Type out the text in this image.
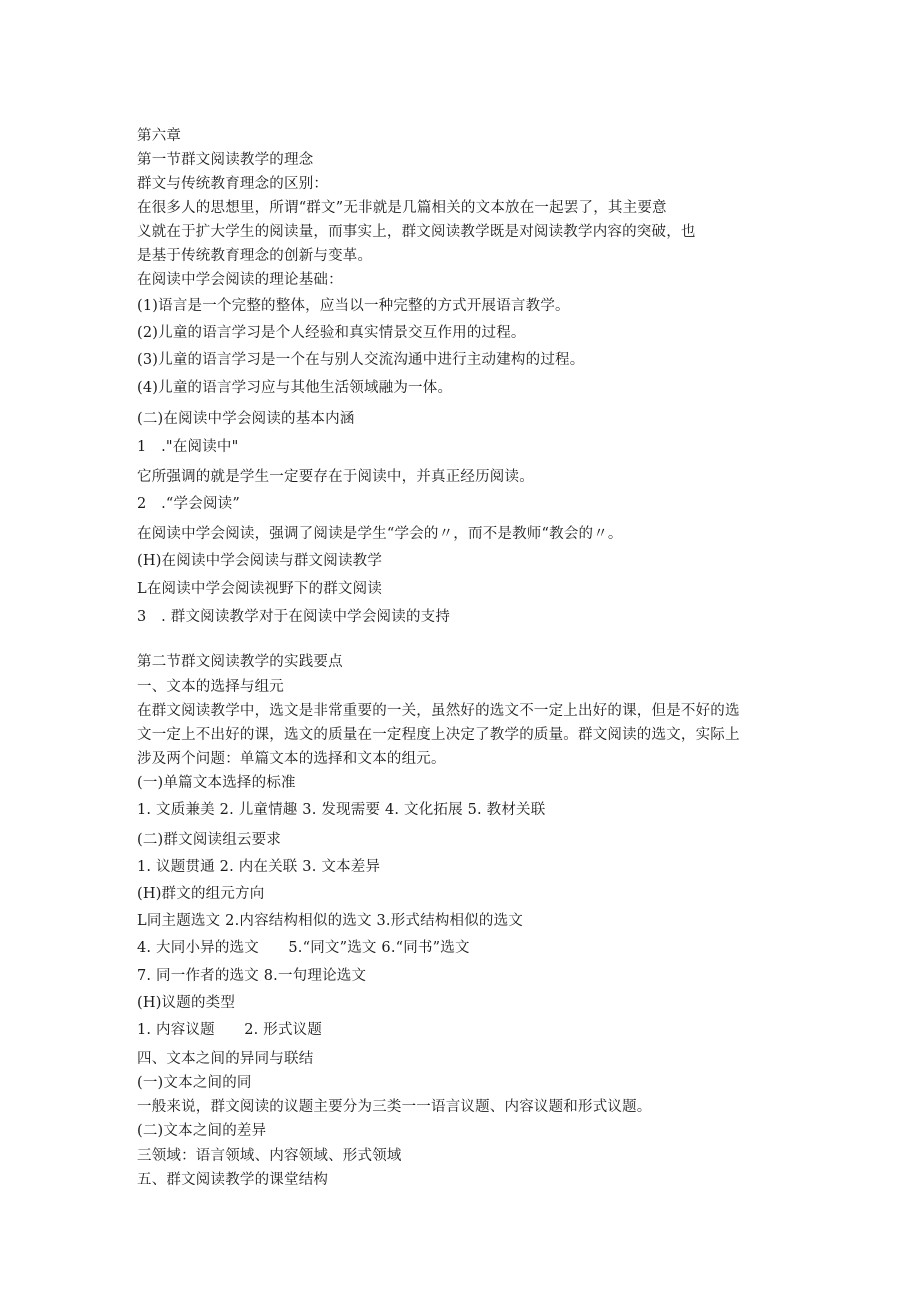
第六章
第一节群文阅读教学的理念
群文与传统教育理念的区别：
在很多人的思想里，所谓“群文”无非就是几篇相关的文本放在一起罢了，其主要意
义就在于扩大学生的阅读量，而事实上，群文阅读教学既是对阅读教学内容的突破，也
是基于传统教育理念的创新与变革。
在阅读中学会阅读的理论基础：
(1)语言是一个完整的整体，应当以一种完整的方式开展语言教学。
(2)儿童的语言学习是个人经验和真实情景交互作用的过程。
(3)儿童的语言学习是一个在与别人交流沟通中进行主动建构的过程。
(4)儿童的语言学习应与其他生活领域融为一体。
(二)在阅读中学会阅读的基本内涵
1　."在阅读中"
它所强调的就是学生一定要存在于阅读中，并真正经历阅读。
2　.“学会阅读”
在阅读中学会阅读，强调了阅读是学生“学会的〃，而不是教师“教会的〃。
(H)在阅读中学会阅读与群文阅读教学
L在阅读中学会阅读视野下的群文阅读
3　. 群文阅读教学对于在阅读中学会阅读的支持
第二节群文阅读教学的实践要点
一、文本的选择与组元
在群文阅读教学中，选文是非常重要的一关，虽然好的选文不一定上出好的课，但是不好的选
文一定上不出好的课，选文的质量在一定程度上决定了教学的质量。群文阅读的选文，实际上
涉及两个问题：单篇文本的选择和文本的组元。
(一)单篇文本选择的标准
1. 文质兼美 2. 儿童情趣 3. 发现需要 4. 文化拓展 5. 教材关联
(二)群文阅读组云要求
1. 议题贯通 2. 内在关联 3. 文本差异
(H)群文的组元方向
L同主题选文 2.内容结构相似的选文 3.形式结构相似的选文
4. 大同小异的选文　　5.“同文”选文 6.“同书”选文
7. 同一作者的选文 8.一句理论选文
(H)议题的类型
1. 内容议题　　2. 形式议题
四、文本之间的异同与联结
(一)文本之间的同
一般来说，群文阅读的议题主要分为三类一一语言议题、内容议题和形式议题。
(二)文本之间的差异
三领域：语言领域、内容领域、形式领域
五、群文阅读教学的课堂结构
